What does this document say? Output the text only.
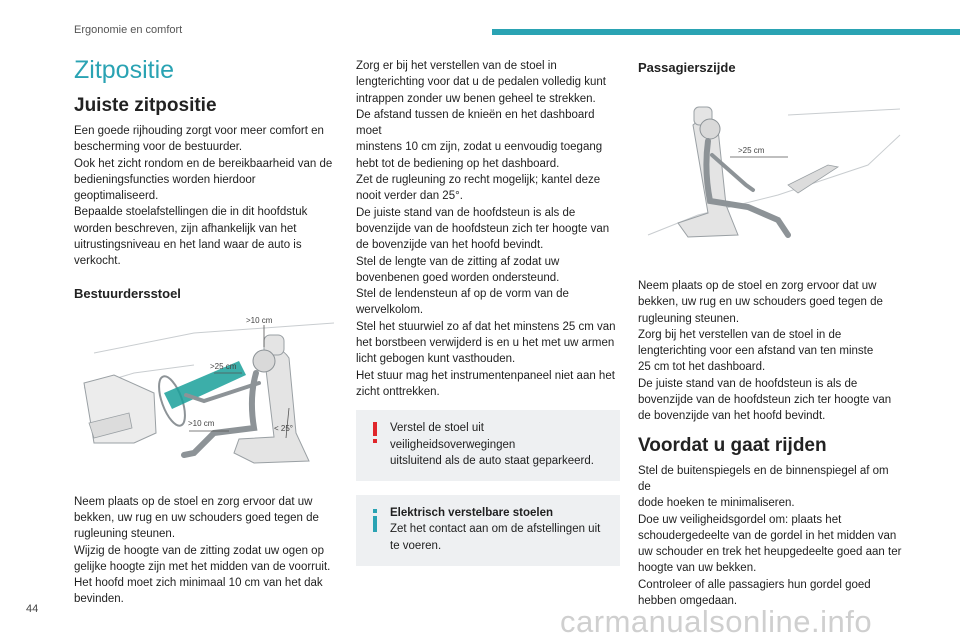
Ergonomie en comfort
Zitpositie
Juiste zitpositie
Een goede rijhouding zorgt voor meer comfort en
bescherming voor de bestuurder.
Ook het zicht rondom en de bereikbaarheid van de
bedieningsfuncties worden hierdoor geoptimaliseerd.
Bepaalde stoelafstellingen die in dit hoofdstuk
worden beschreven, zijn afhankelijk van het
uitrustingsniveau en het land waar de auto is
verkocht.
Bestuurdersstoel
>10 cm
>25 cm
>10 cm
< 25°
Neem plaats op de stoel en zorg ervoor dat uw
bekken, uw rug en uw schouders goed tegen de
rugleuning steunen.
Wijzig de hoogte van de zitting zodat uw ogen op
gelijke hoogte zijn met het midden van de voorruit.
Het hoofd moet zich minimaal 10 cm van het dak
bevinden.
Zorg er bij het verstellen van de stoel in
lengterichting voor dat u de pedalen volledig kunt
intrappen zonder uw benen geheel te strekken.
De afstand tussen de knieën en het dashboard moet
minstens 10 cm zijn, zodat u eenvoudig toegang
hebt tot de bediening op het dashboard.
Zet de rugleuning zo recht mogelijk; kantel deze
nooit verder dan 25°.
De juiste stand van de hoofdsteun is als de
bovenzijde van de hoofdsteun zich ter hoogte van
de bovenzijde van het hoofd bevindt.
Stel de lengte van de zitting af zodat uw
bovenbenen goed worden ondersteund.
Stel de lendensteun af op de vorm van de
wervelkolom.
Stel het stuurwiel zo af dat het minstens 25 cm van
het borstbeen verwijderd is en u het met uw armen
licht gebogen kunt vasthouden.
Het stuur mag het instrumentenpaneel niet aan het
zicht onttrekken.
Verstel de stoel uit veiligheidsoverwegingen
uitsluitend als de auto staat geparkeerd.
Elektrisch verstelbare stoelen
Zet het contact aan om de afstellingen uit
te voeren.
Passagierszijde
>25 cm
Neem plaats op de stoel en zorg ervoor dat uw
bekken, uw rug en uw schouders goed tegen de
rugleuning steunen.
Zorg bij het verstellen van de stoel in de
lengterichting voor een afstand van ten minste
25 cm tot het dashboard.
De juiste stand van de hoofdsteun is als de
bovenzijde van de hoofdsteun zich ter hoogte van
de bovenzijde van het hoofd bevindt.
Voordat u gaat rijden
Stel de buitenspiegels en de binnenspiegel af om de
dode hoeken te minimaliseren.
Doe uw veiligheidsgordel om: plaats het
schoudergedeelte van de gordel in het midden van
uw schouder en trek het heupgedeelte goed aan ter
hoogte van uw bekken.
Controleer of alle passagiers hun gordel goed
hebben omgedaan.
44	carmanualsonline.info
